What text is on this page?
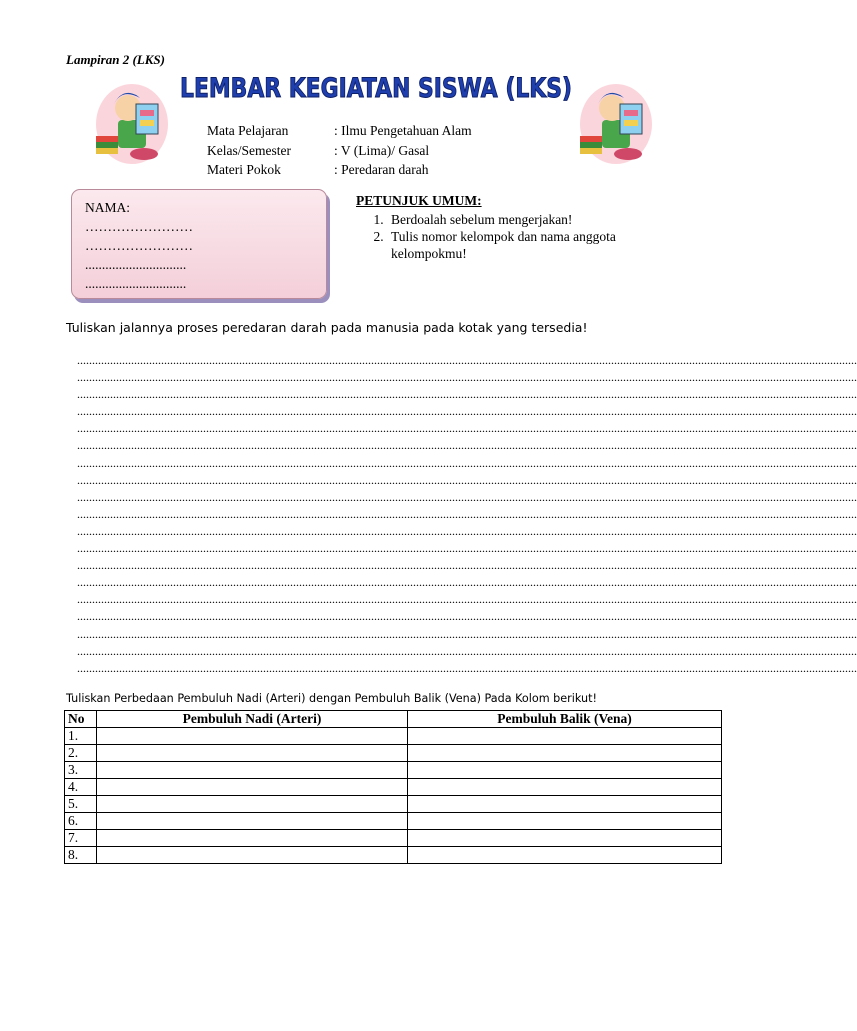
Lampiran 2 (LKS)
LEMBAR KEGIATAN SISWA (LKS)
Mata Pelajaran	: Ilmu Pengetahuan Alam
Kelas/Semester	: V (Lima)/ Gasal
Materi Pokok	: Peredaran darah
NAMA:
……………………
……………………
..............................
..............................
PETUNJUK UMUM:
1. Berdoalah sebelum mengerjakan!
2. Tulis nomor kelompok dan nama anggota kelompokmu!
Tuliskan jalannya proses peredaran darah pada manusia pada kotak yang tersedia!
....................................................................................................................................................................................................................................................................
....................................................................................................................................................................................................................................................................
....................................................................................................................................................................................................................................................................
....................................................................................................................................................................................................................................................................
....................................................................................................................................................................................................................................................................
....................................................................................................................................................................................................................................................................
....................................................................................................................................................................................................................................................................
....................................................................................................................................................................................................................................................................
....................................................................................................................................................................................................................................................................
....................................................................................................................................................................................................................................................................
....................................................................................................................................................................................................................................................................
....................................................................................................................................................................................................................................................................
....................................................................................................................................................................................................................................................................
....................................................................................................................................................................................................................................................................
....................................................................................................................................................................................................................................................................
....................................................................................................................................................................................................................................................................
....................................................................................................................................................................................................................................................................
....................................................................................................................................................................................................................................................................
....................................................................................................................................................................................................................................................................
Tuliskan Perbedaan Pembuluh Nadi (Arteri) dengan Pembuluh Balik (Vena) Pada Kolom berikut!
No	Pembuluh Nadi (Arteri)	Pembuluh Balik (Vena)
1.		
2.		
3.		
4.		
5.		
6.		
7.		
8.		
